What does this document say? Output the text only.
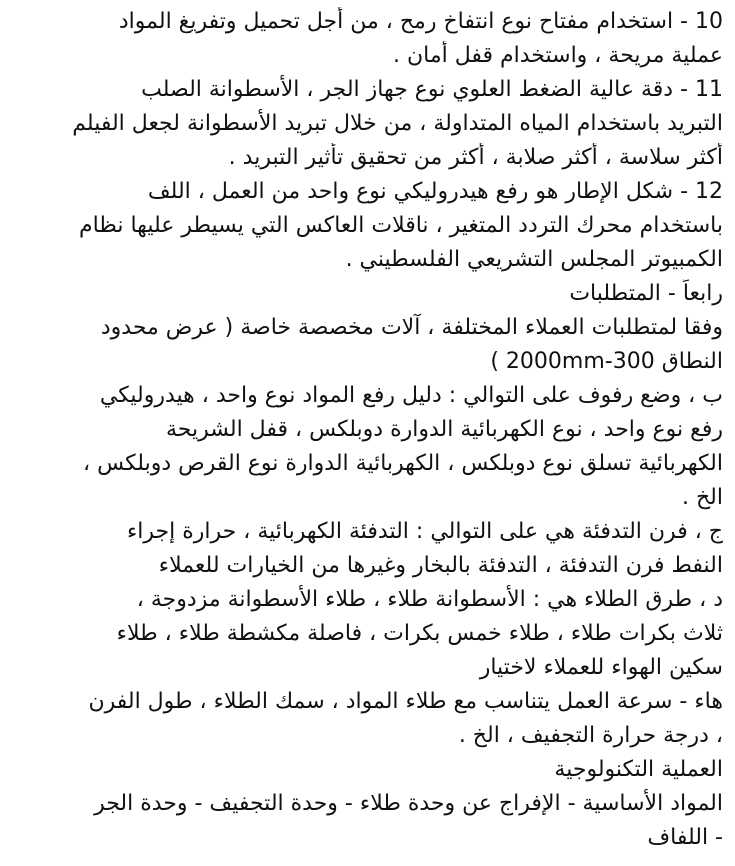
10 - استخدام مفتاح نوع انتفاخ رمح ، من أجل تحميل وتفريغ المواد
عملية مريحة ، واستخدام قفل أمان .
11 - دقة عالية الضغط العلوي نوع جهاز الجر ، الأسطوانة الصلب
التبريد باستخدام المياه المتداولة ، من خلال تبريد الأسطوانة لجعل الفيلم
أكثر سلاسة ، أكثر صلابة ، أكثر من تحقيق تأثير التبريد .
12 - شكل الإطار هو رفع هيدروليكي نوع واحد من العمل ، اللف
باستخدام محرك التردد المتغير ، ناقلات العاكس التي يسيطر عليها نظام
الكمبيوتر المجلس التشريعي الفلسطيني .
رابعاً - المتطلبات
وفقا لمتطلبات العملاء المختلفة ، آلات مخصصة خاصة ( عرض محدود
النطاق 300-2000mm )
ب ، وضع رفوف على التوالي : دليل رفع المواد نوع واحد ، هيدروليكي
رفع نوع واحد ، نوع الكهربائية الدوارة دوبلكس ، قفل الشريحة
الكهربائية تسلق نوع دوبلكس ، الكهربائية الدوارة نوع القرص دوبلكس ،
الخ .
ج ، فرن التدفئة هي على التوالي : التدفئة الكهربائية ، حرارة إجراء
النفط فرن التدفئة ، التدفئة بالبخار وغيرها من الخيارات للعملاء
د ، طرق الطلاء هي : الأسطوانة طلاء ، طلاء الأسطوانة مزدوجة ،
ثلاث بكرات طلاء ، طلاء خمس بكرات ، فاصلة مكشطة طلاء ، طلاء
سكين الهواء للعملاء لاختيار
هاء - سرعة العمل يتناسب مع طلاء المواد ، سمك الطلاء ، طول الفرن
، درجة حرارة التجفيف ، الخ .
العملية التكنولوجية
المواد الأساسية - الإفراج عن وحدة طلاء - وحدة التجفيف - وحدة الجر
- اللفاف
